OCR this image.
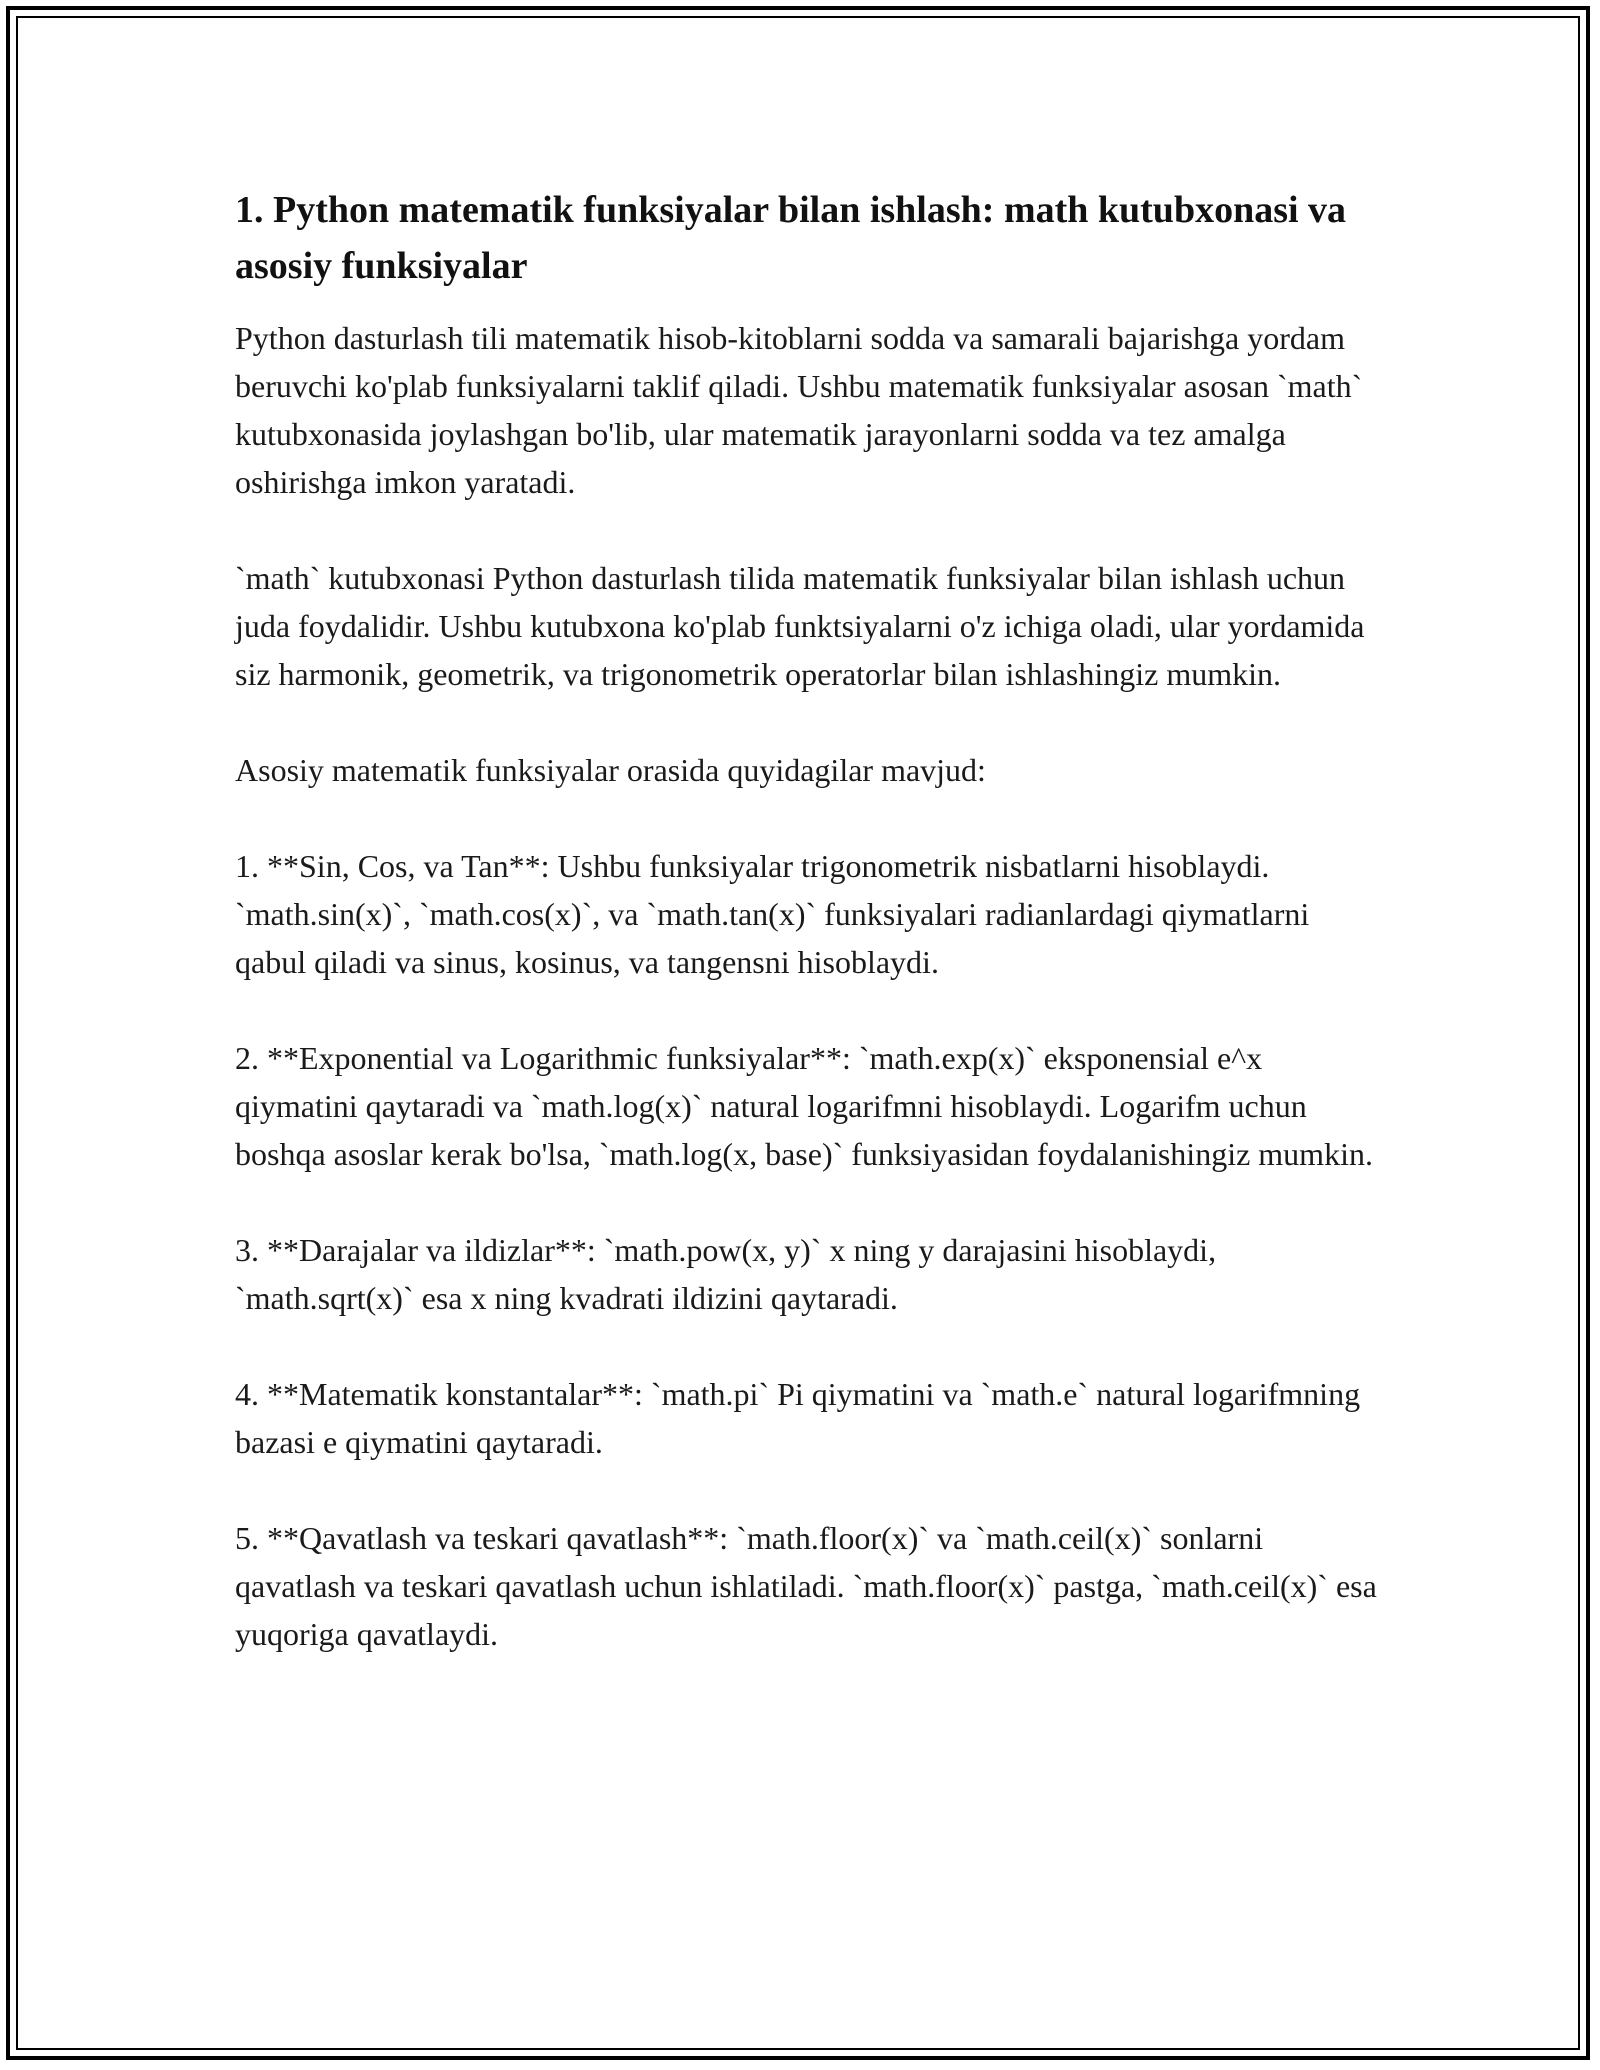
1. Python matematik funksiyalar bilan ishlash: math kutubxonasi va asosiy funksiyalar

Python dasturlash tili matematik hisob-kitoblarni sodda va samarali bajarishga yordam beruvchi ko'plab funksiyalarni taklif qiladi. Ushbu matematik funksiyalar asosan `math` kutubxonasida joylashgan bo'lib, ular matematik jarayonlarni sodda va tez amalga oshirishga imkon yaratadi.

`math` kutubxonasi Python dasturlash tilida matematik funksiyalar bilan ishlash uchun juda foydalidir. Ushbu kutubxona ko'plab funktsiyalarni o'z ichiga oladi, ular yordamida siz harmonik, geometrik, va trigonometrik operatorlar bilan ishlashingiz mumkin.

Asosiy matematik funksiyalar orasida quyidagilar mavjud:

1. **Sin, Cos, va Tan**: Ushbu funksiyalar trigonometrik nisbatlarni hisoblaydi. `math.sin(x)`, `math.cos(x)`, va `math.tan(x)` funksiyalari radianlardagi qiymatlarni qabul qiladi va sinus, kosinus, va tangensni hisoblaydi.

2. **Exponential va Logarithmic funksiyalar**: `math.exp(x)` eksponensial e^x qiymatini qaytaradi va `math.log(x)` natural logarifmni hisoblaydi. Logarifm uchun boshqa asoslar kerak bo'lsa, `math.log(x, base)` funksiyasidan foydalanishingiz mumkin.

3. **Darajalar va ildizlar**: `math.pow(x, y)` x ning y darajasini hisoblaydi, `math.sqrt(x)` esa x ning kvadrati ildizini qaytaradi.

4. **Matematik konstantalar**: `math.pi` Pi qiymatini va `math.e` natural logarifmning bazasi e qiymatini qaytaradi.

5. **Qavatlash va teskari qavatlash**: `math.floor(x)` va `math.ceil(x)` sonlarni qavatlash va teskari qavatlash uchun ishlatiladi. `math.floor(x)` pastga, `math.ceil(x)` esa yuqoriga qavatlaydi.
